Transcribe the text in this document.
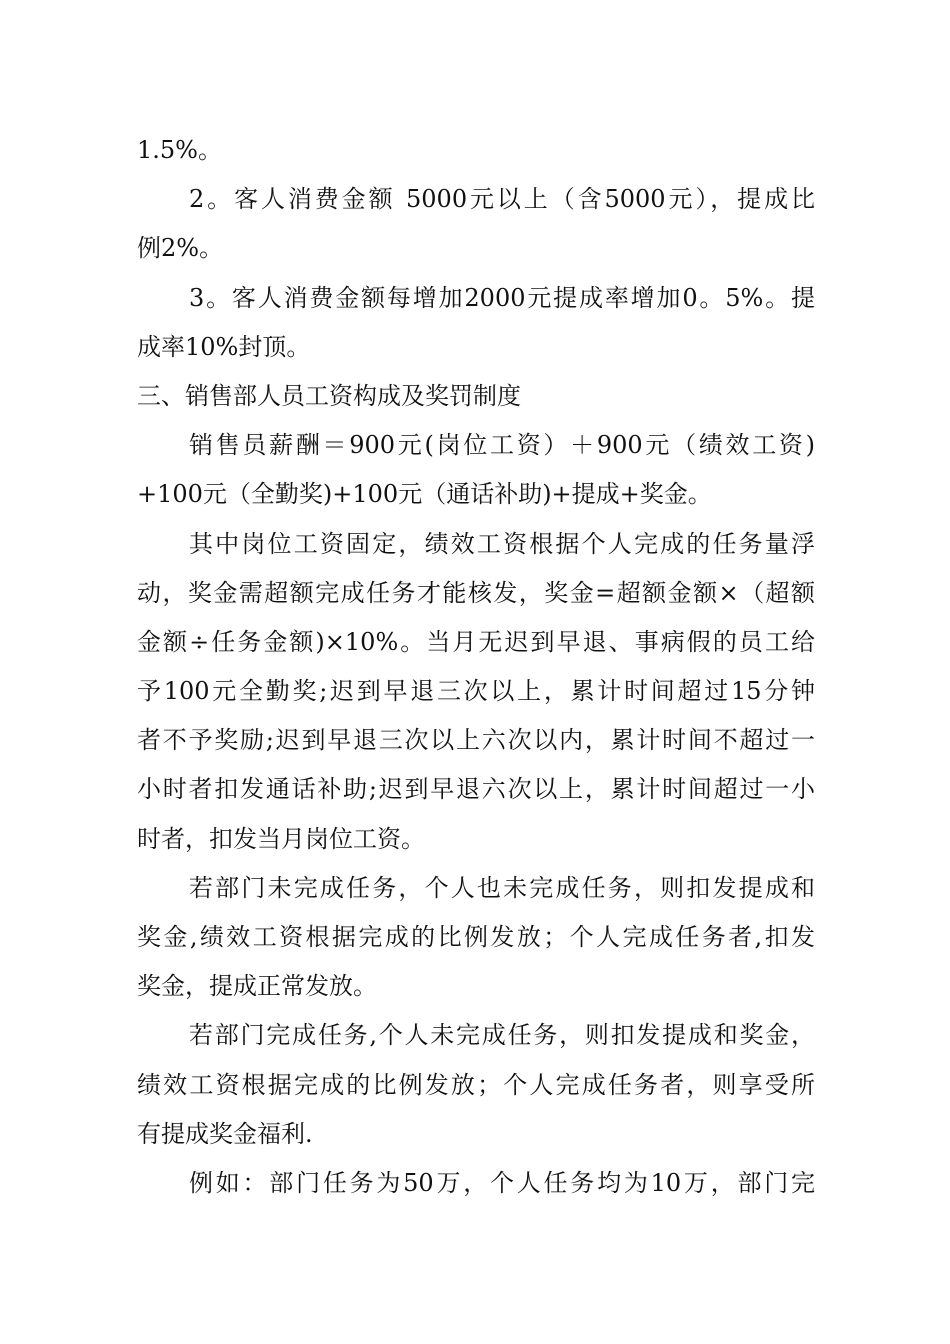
1.5%。
2。客人消费金额 5000元以上（含5000元），提成比
例2%。
3。客人消费金额每增加2000元提成率增加0。5%。提
成率10%封顶。
三、销售部人员工资构成及奖罚制度
销售员薪酬＝900元(岗位工资）＋900元（绩效工资)
+100元（全勤奖)+100元（通话补助)+提成+奖金。
其中岗位工资固定，绩效工资根据个人完成的任务量浮
动，奖金需超额完成任务才能核发，奖金=超额金额×（超额
金额÷任务金额)×10%。当月无迟到早退、事病假的员工给
予100元全勤奖;迟到早退三次以上，累计时间超过15分钟
者不予奖励;迟到早退三次以上六次以内，累计时间不超过一
小时者扣发通话补助;迟到早退六次以上，累计时间超过一小
时者，扣发当月岗位工资。
若部门未完成任务，个人也未完成任务，则扣发提成和
奖金,绩效工资根据完成的比例发放；个人完成任务者,扣发
奖金，提成正常发放。
若部门完成任务,个人未完成任务，则扣发提成和奖金，
绩效工资根据完成的比例发放；个人完成任务者，则享受所
有提成奖金福利.
例如：部门任务为50万，个人任务均为10万，部门完
